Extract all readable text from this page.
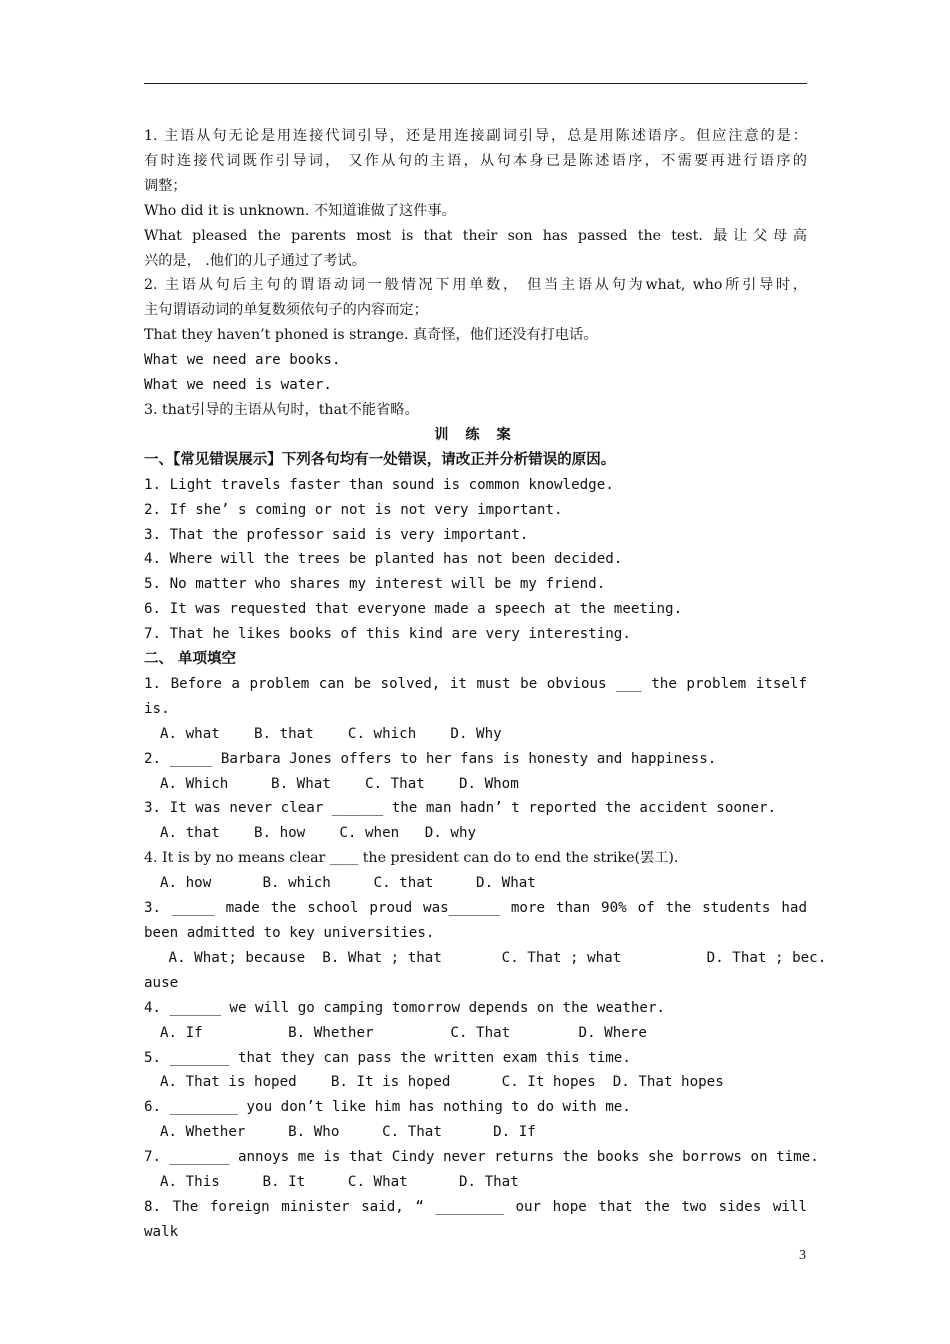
1. 主语从句无论是用连接代词引导，还是用连接副词引导，总是用陈述语序。但应注意的是：
有时连接代词既作引导词， 又作从句的主语，从句本身已是陈述语序，不需要再进行语序的
调整；
Who did it is unknown. 不知道谁做了这件事。
What pleased the parents most is that their son has passed the test. 最让父母高
兴的是， .他们的儿子通过了考试。
2. 主语从句后主句的谓语动词一般情况下用单数， 但当主语从句为what, who所引导时，
主句谓语动词的单复数须依句子的内容而定；
That they haven’t phoned is strange. 真奇怪，他们还没有打电话。
What we need are books.
What we need is water.
3. that引导的主语从句时，that不能省略。
训 练 案
一、【常见错误展示】下列各句均有一处错误，请改正并分析错误的原因。
1. Light travels faster than sound is common knowledge.
2. If she’ s coming or not is not very important.
3. That the professor said is very important.
4. Where will the trees be planted has not been decided.
5. No matter who shares my interest will be my friend.
6. It was requested that everyone made a speech at the meeting.
7. That he likes books of this kind are very interesting.
二、 单项填空
1. Before a problem can be solved, it must be obvious ___ the problem itself
is.
A. what    B. that    C. which    D. Why
2. _____ Barbara Jones offers to her fans is honesty and happiness.
A. Which     B. What    C. That    D. Whom
3. It was never clear ______ the man hadn’ t reported the accident sooner.
A. that    B. how    C. when   D. why
4. It is by no means clear ____ the president can do to end the strike(罢工).
A. how      B. which     C. that     D. What
3. _____ made the school proud was______ more than 90% of the students had
been admitted to key universities.
A. What; because  B. What ; that       C. That ; what          D. That ; bec.
ause
4. ______ we will go camping tomorrow depends on the weather.
A. If          B. Whether         C. That        D. Where
5. _______ that they can pass the written exam this time.
A. That is hoped    B. It is hoped      C. It hopes  D. That hopes
6. ________ you don’t like him has nothing to do with me.
A. Whether     B. Who     C. That      D. If
7. _______ annoys me is that Cindy never returns the books she borrows on time.
A. This     B. It     C. What      D. That
8. The foreign minister said, “ ________ our hope that the two sides will walk
3
